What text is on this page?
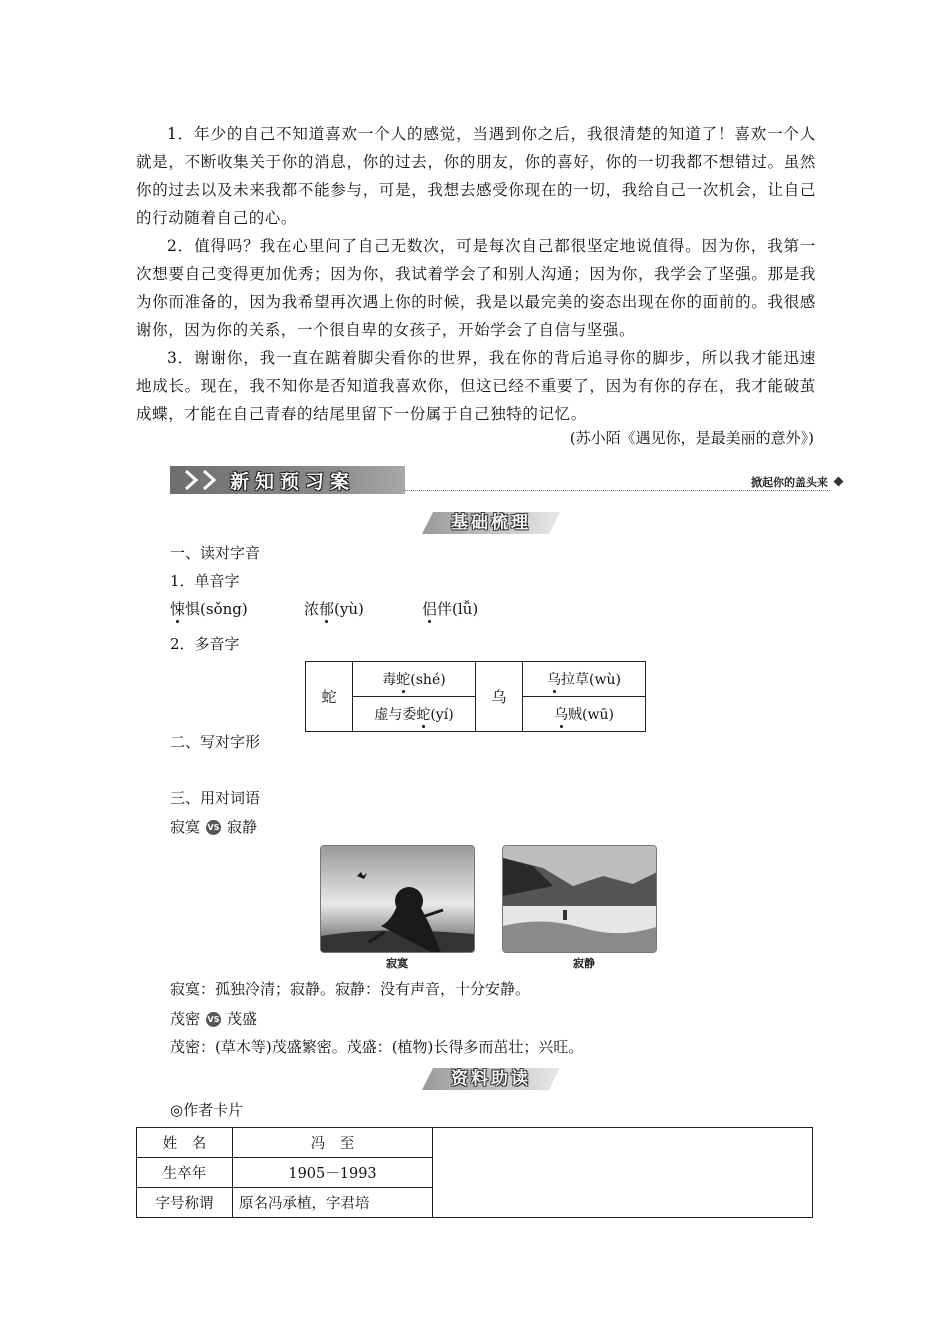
1．年少的自己不知道喜欢一个人的感觉，当遇到你之后，我很清楚的知道了！喜欢一个人就是，不断收集关于你的消息，你的过去，你的朋友，你的喜好，你的一切我都不想错过。虽然你的过去以及未来我都不能参与，可是，我想去感受你现在的一切，我给自己一次机会，让自己的行动随着自己的心。
2．值得吗？我在心里问了自己无数次，可是每次自己都很坚定地说值得。因为你，我第一次想要自己变得更加优秀；因为你，我试着学会了和别人沟通；因为你，我学会了坚强。那是我为你而准备的，因为我希望再次遇上你的时候，我是以最完美的姿态出现在你的面前的。我很感谢你，因为你的关系，一个很自卑的女孩子，开始学会了自信与坚强。
3．谢谢你，我一直在踮着脚尖看你的世界，我在你的背后追寻你的脚步，所以我才能迅速地成长。现在，我不知你是否知道我喜欢你，但这已经不重要了，因为有你的存在，我才能破茧成蝶，才能在自己青春的结尾里留下一份属于自己独特的记忆。
(苏小陌《遇见你，是最美丽的意外》)
新知预习案	掀起你的盖头来
基础梳理
一、读对字音
1．单音字
悚惧(sǒng)	浓郁(yù)	侣伴(lǚ)
2．多音字
蛇	毒蛇(shé)	乌	乌拉草(wù)
	虚与委蛇(yí)		乌贼(wū)
二、写对字形
三、用对词语
寂寞 VS 寂静
寂寞	寂静
寂寞：孤独冷清；寂静。寂静：没有声音，十分安静。
茂密 VS 茂盛
茂密：(草木等)茂盛繁密。茂盛：(植物)长得多而茁壮；兴旺。
资料助读
◎作者卡片
姓　名	冯　至	
生卒年	1905－1993	
字号称谓	原名冯承植，字君培	
